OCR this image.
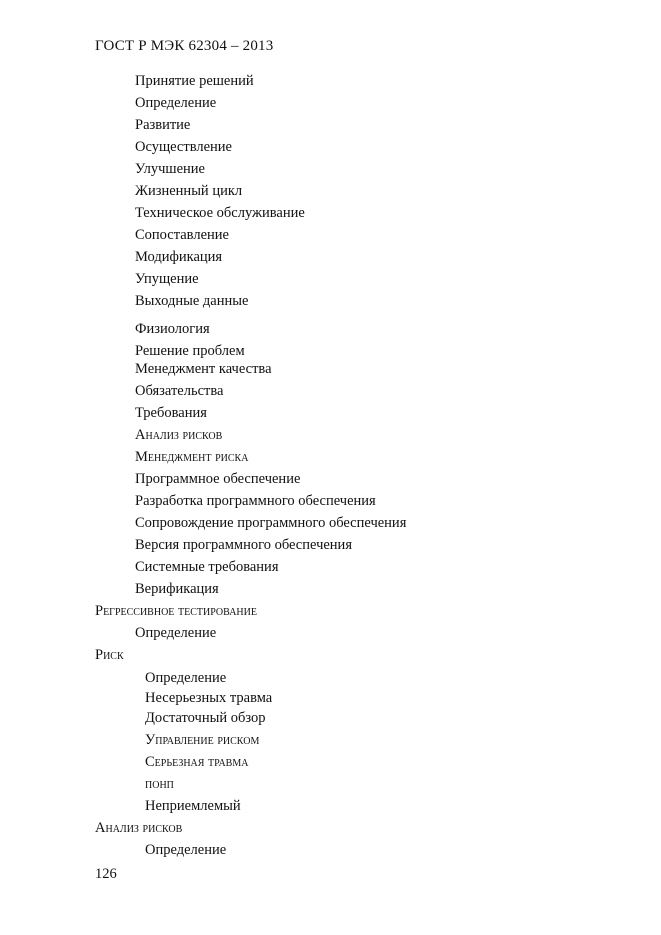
ГОСТ Р МЭК 62304 – 2013
Принятие решений
Определение
Развитие
Осуществление
Улучшение
Жизненный цикл
Техническое обслуживание
Сопоставление
Модификация
Упущение
Выходные данные
Физиология
Решение проблем
Менеджмент качества
Обязательства
Требования
Анализ рисков
Менеджмент риска
Программное обеспечение
Разработка программного обеспечения
Сопровождение программного обеспечения
Версия программного обеспечения
Системные требования
Верификация
Регрессивное тестирование
Определение
Риск
Определение
Несерьезных травма
Достаточный обзор
Управление риском
Серьезная травма
понп
Неприемлемый
Анализ рисков
Определение
126
